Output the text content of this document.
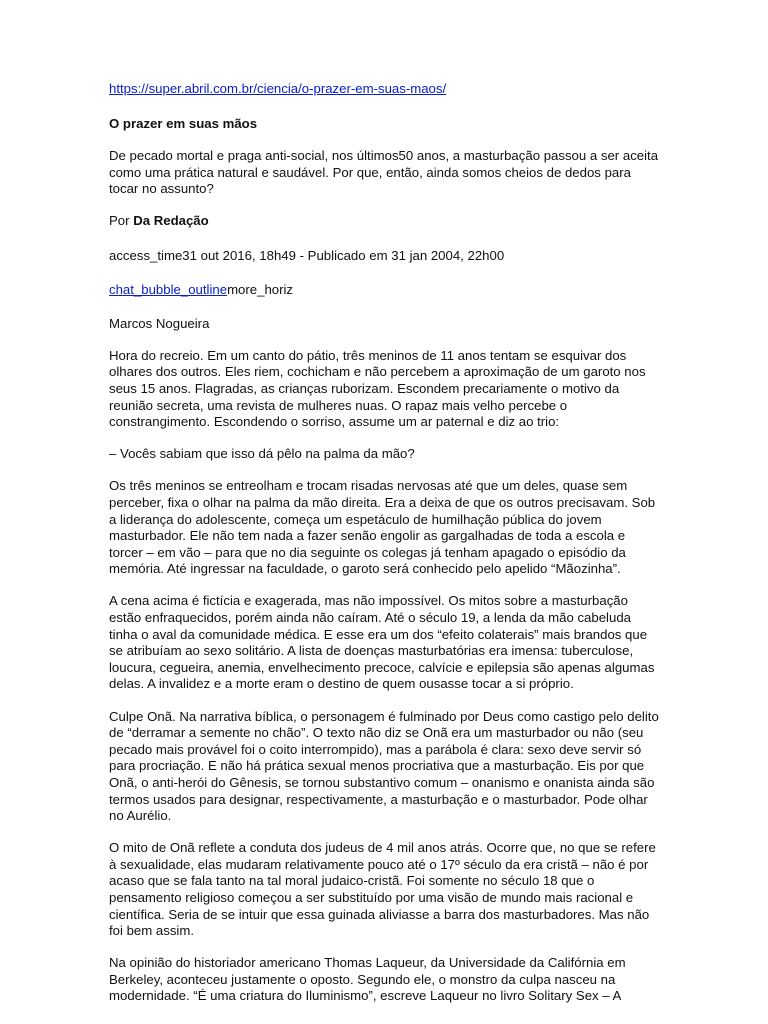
https://super.abril.com.br/ciencia/o-prazer-em-suas-maos/

O prazer em suas mãos

De pecado mortal e praga anti-social, nos últimos50 anos, a masturbação passou a ser aceita como uma prática natural e saudável. Por que, então, ainda somos cheios de dedos para tocar no assunto?

Por Da Redação

access_time31 out 2016, 18h49 - Publicado em 31 jan 2004, 22h00

chat_bubble_outlinemore_horiz

Marcos Nogueira

Hora do recreio. Em um canto do pátio, três meninos de 11 anos tentam se esquivar dos olhares dos outros. Eles riem, cochicham e não percebem a aproximação de um garoto nos seus 15 anos. Flagradas, as crianças ruborizam. Escondem precariamente o motivo da reunião secreta, uma revista de mulheres nuas. O rapaz mais velho percebe o constrangimento. Escondendo o sorriso, assume um ar paternal e diz ao trio:

– Vocês sabiam que isso dá pêlo na palma da mão?

Os três meninos se entreolham e trocam risadas nervosas até que um deles, quase sem perceber, fixa o olhar na palma da mão direita. Era a deixa de que os outros precisavam. Sob a liderança do adolescente, começa um espetáculo de humilhação pública do jovem masturbador. Ele não tem nada a fazer senão engolir as gargalhadas de toda a escola e torcer – em vão – para que no dia seguinte os colegas já tenham apagado o episódio da memória. Até ingressar na faculdade, o garoto será conhecido pelo apelido “Mãozinha”.

A cena acima é fictícia e exagerada, mas não impossível. Os mitos sobre a masturbação estão enfraquecidos, porém ainda não caíram. Até o século 19, a lenda da mão cabeluda tinha o aval da comunidade médica. E esse era um dos “efeito colaterais” mais brandos que se atribuíam ao sexo solitário. A lista de doenças masturbatórias era imensa: tuberculose, loucura, cegueira, anemia, envelhecimento precoce, calvície e epilepsia são apenas algumas delas. A invalidez e a morte eram o destino de quem ousasse tocar a si próprio.

Culpe Onã. Na narrativa bíblica, o personagem é fulminado por Deus como castigo pelo delito de “derramar a semente no chão”. O texto não diz se Onã era um masturbador ou não (seu pecado mais provável foi o coito interrompido), mas a parábola é clara: sexo deve servir só para procriação. E não há prática sexual menos procriativa que a masturbação. Eis por que Onã, o anti-herói do Gênesis, se tornou substantivo comum – onanismo e onanista ainda são termos usados para designar, respectivamente, a masturbação e o masturbador. Pode olhar no Aurélio.

O mito de Onã reflete a conduta dos judeus de 4 mil anos atrás. Ocorre que, no que se refere à sexualidade, elas mudaram relativamente pouco até o 17º século da era cristã – não é por acaso que se fala tanto na tal moral judaico-cristã. Foi somente no século 18 que o pensamento religioso começou a ser substituído por uma visão de mundo mais racional e científica. Seria de se intuir que essa guinada aliviasse a barra dos masturbadores. Mas não foi bem assim.

Na opinião do historiador americano Thomas Laqueur, da Universidade da Califórnia em Berkeley, aconteceu justamente o oposto. Segundo ele, o monstro da culpa nasceu na modernidade. “É uma criatura do Iluminismo”, escreve Laqueur no livro Solitary Sex – A
